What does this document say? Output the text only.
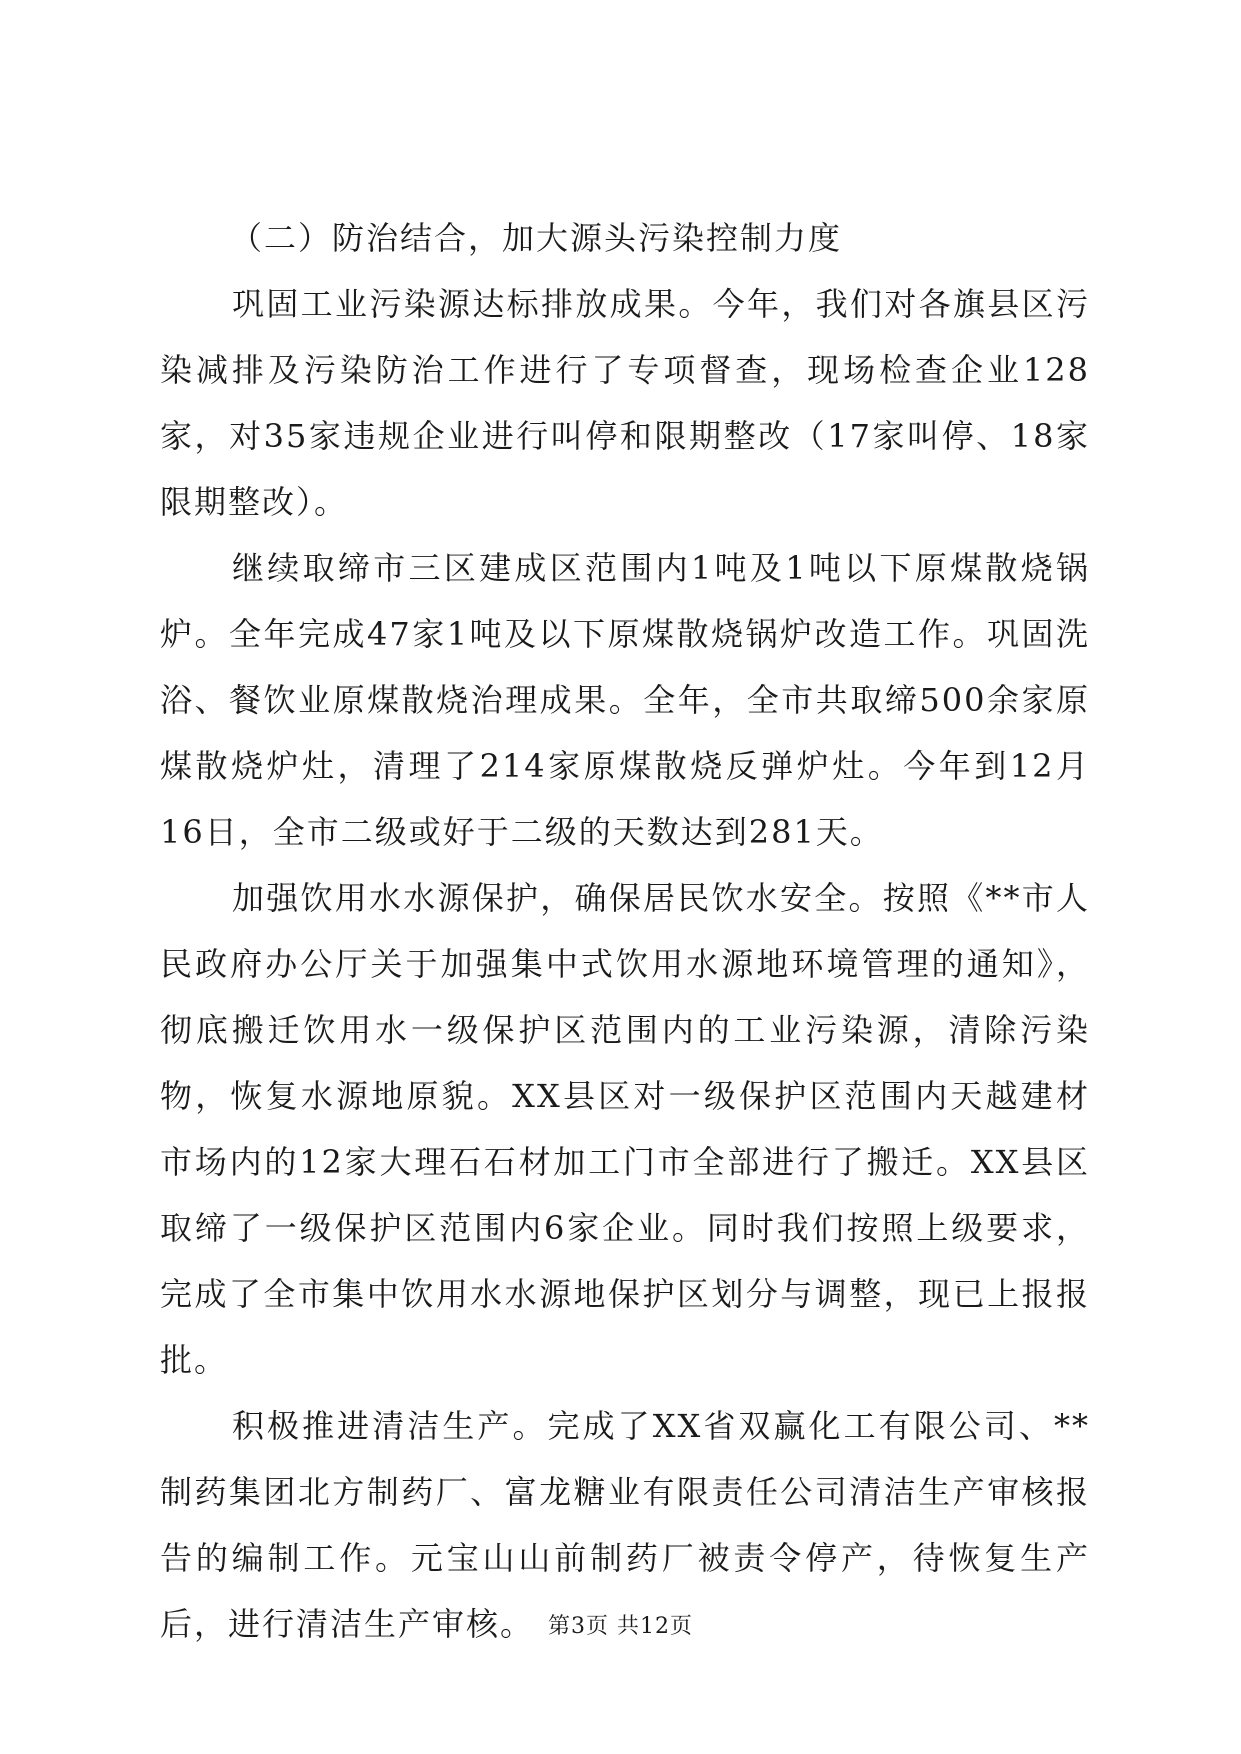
（二）防治结合，加大源头污染控制力度

巩固工业污染源达标排放成果。今年，我们对各旗县区污染减排及污染防治工作进行了专项督查，现场检查企业128家，对35家违规企业进行叫停和限期整改（17家叫停、18家限期整改）。

继续取缔市三区建成区范围内1吨及1吨以下原煤散烧锅炉。全年完成47家1吨及以下原煤散烧锅炉改造工作。巩固洗浴、餐饮业原煤散烧治理成果。全年，全市共取缔500余家原煤散烧炉灶，清理了214家原煤散烧反弹炉灶。今年到12月16日，全市二级或好于二级的天数达到281天。

加强饮用水水源保护，确保居民饮水安全。按照《**市人民政府办公厅关于加强集中式饮用水源地环境管理的通知》，彻底搬迁饮用水一级保护区范围内的工业污染源，清除污染物，恢复水源地原貌。XX县区对一级保护区范围内天越建材市场内的12家大理石石材加工门市全部进行了搬迁。XX县区取缔了一级保护区范围内6家企业。同时我们按照上级要求，完成了全市集中饮用水水源地保护区划分与调整，现已上报报批。

积极推进清洁生产。完成了XX省双赢化工有限公司、**制药集团北方制药厂、富龙糖业有限责任公司清洁生产审核报告的编制工作。元宝山山前制药厂被责令停产，待恢复生产后，进行清洁生产审核。 第3页 共12页
